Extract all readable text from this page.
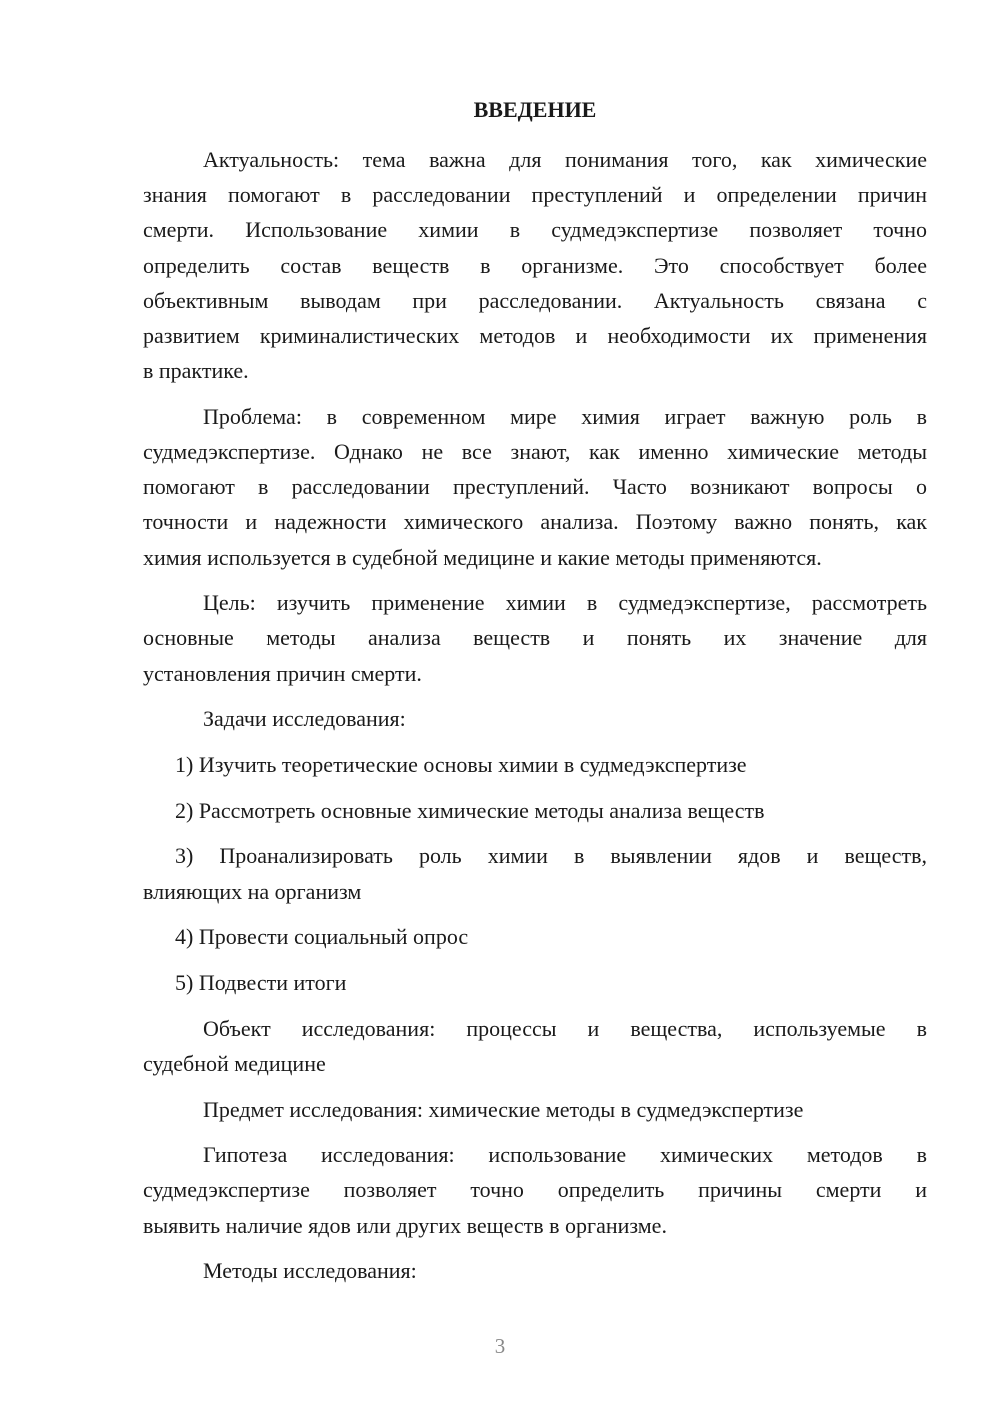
ВВЕДЕНИЕ
Актуальность: тема важна для понимания того, как химические
знания помогают в расследовании преступлений и определении причин
смерти. Использование химии в судмедэкспертизе позволяет точно
определить состав веществ в организме. Это способствует более
объективным выводам при расследовании. Актуальность связана с
развитием криминалистических методов и необходимости их применения
в практике.
Проблема: в современном мире химия играет важную роль в
судмедэкспертизе. Однако не все знают, как именно химические методы
помогают в расследовании преступлений. Часто возникают вопросы о
точности и надежности химического анализа. Поэтому важно понять, как
химия используется в судебной медицине и какие методы применяются.
Цель: изучить применение химии в судмедэкспертизе, рассмотреть
основные методы анализа веществ и понять их значение для
установления причин смерти.
Задачи исследования:
1) Изучить теоретические основы химии в судмедэкспертизе
2) Рассмотреть основные химические методы анализа веществ
3) Проанализировать роль химии в выявлении ядов и веществ,
влияющих на организм
4) Провести социальный опрос
5) Подвести итоги
Объект исследования: процессы и вещества, используемые в
судебной медицине
Предмет исследования: химические методы в судмедэкспертизе
Гипотеза исследования: использование химических методов в
судмедэкспертизе позволяет точно определить причины смерти и
выявить наличие ядов или других веществ в организме.
Методы исследования:
3
